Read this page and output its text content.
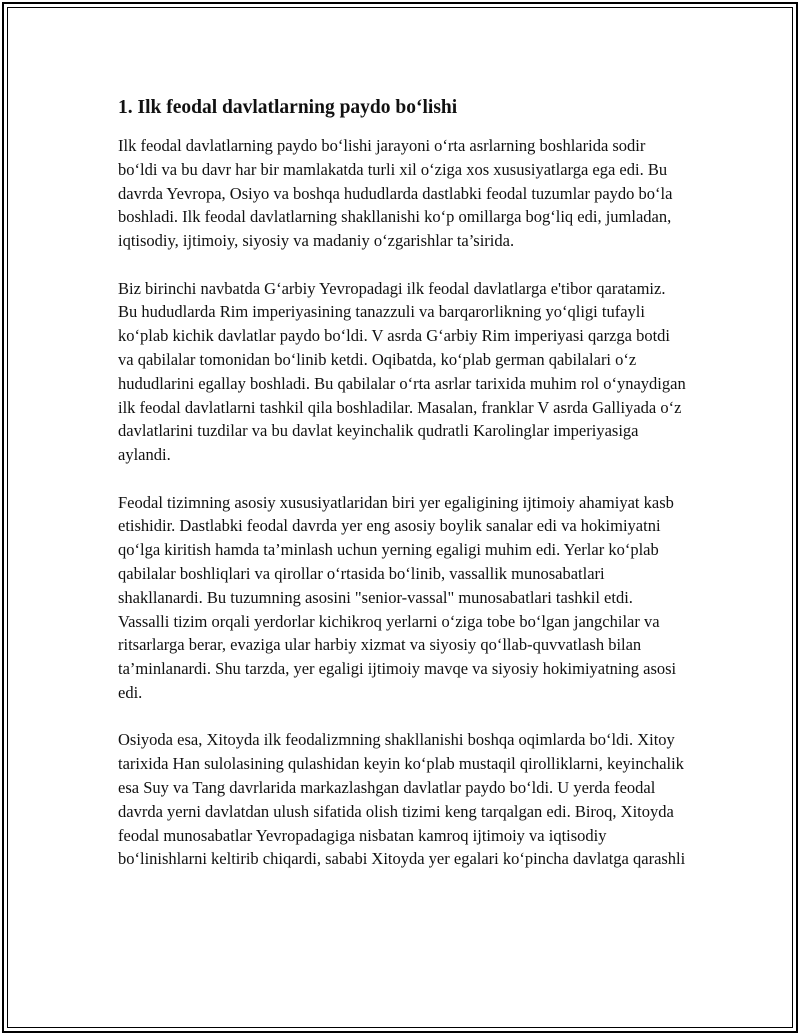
1. Ilk feodal davlatlarning paydo bo‘lishi

Ilk feodal davlatlarning paydo bo‘lishi jarayoni o‘rta asrlarning boshlarida sodir bo‘ldi va bu davr har bir mamlakatda turli xil o‘ziga xos xususiyatlarga ega edi. Bu davrda Yevropa, Osiyo va boshqa hududlarda dastlabki feodal tuzumlar paydo bo‘la boshladi. Ilk feodal davlatlarning shakllanishi ko‘p omillarga bog‘liq edi, jumladan, iqtisodiy, ijtimoiy, siyosiy va madaniy o‘zgarishlar ta’sirida.

Biz birinchi navbatda G‘arbiy Yevropadagi ilk feodal davlatlarga e'tibor qaratamiz. Bu hududlarda Rim imperiyasining tanazzuli va barqarorlikning yo‘qligi tufayli ko‘plab kichik davlatlar paydo bo‘ldi. V asrda G‘arbiy Rim imperiyasi qarzga botdi va qabilalar tomonidan bo‘linib ketdi. Oqibatda, ko‘plab german qabilalari o‘z hududlarini egallay boshladi. Bu qabilalar o‘rta asrlar tarixida muhim rol o‘ynaydigan ilk feodal davlatlarni tashkil qila boshladilar. Masalan, franklar V asrda Galliyada o‘z davlatlarini tuzdilar va bu davlat keyinchalik qudratli Karolinglar imperiyasiga aylandi.

Feodal tizimning asosiy xususiyatlaridan biri yer egaligining ijtimoiy ahamiyat kasb etishidir. Dastlabki feodal davrda yer eng asosiy boylik sanalar edi va hokimiyatni qo‘lga kiritish hamda ta’minlash uchun yerning egaligi muhim edi. Yerlar ko‘plab qabilalar boshliqlari va qirollar o‘rtasida bo‘linib, vassallik munosabatlari shakllanardi. Bu tuzumning asosini "senior-vassal" munosabatlari tashkil etdi. Vassalli tizim orqali yerdorlar kichikroq yerlarni o‘ziga tobe bo‘lgan jangchilar va ritsarlarga berar, evaziga ular harbiy xizmat va siyosiy qo‘llab-quvvatlash bilan ta’minlanardi. Shu tarzda, yer egaligi ijtimoiy mavqe va siyosiy hokimiyatning asosi edi.

Osiyoda esa, Xitoyda ilk feodalizmning shakllanishi boshqa oqimlarda bo‘ldi. Xitoy tarixida Han sulolasining qulashidan keyin ko‘plab mustaqil qirolliklarni, keyinchalik esa Suy va Tang davrlarida markazlashgan davlatlar paydo bo‘ldi. U yerda feodal davrda yerni davlatdan ulush sifatida olish tizimi keng tarqalgan edi. Biroq, Xitoyda feodal munosabatlar Yevropadagiga nisbatan kamroq ijtimoiy va iqtisodiy bo‘linishlarni keltirib chiqardi, sababi Xitoyda yer egalari ko‘pincha davlatga qarashli
